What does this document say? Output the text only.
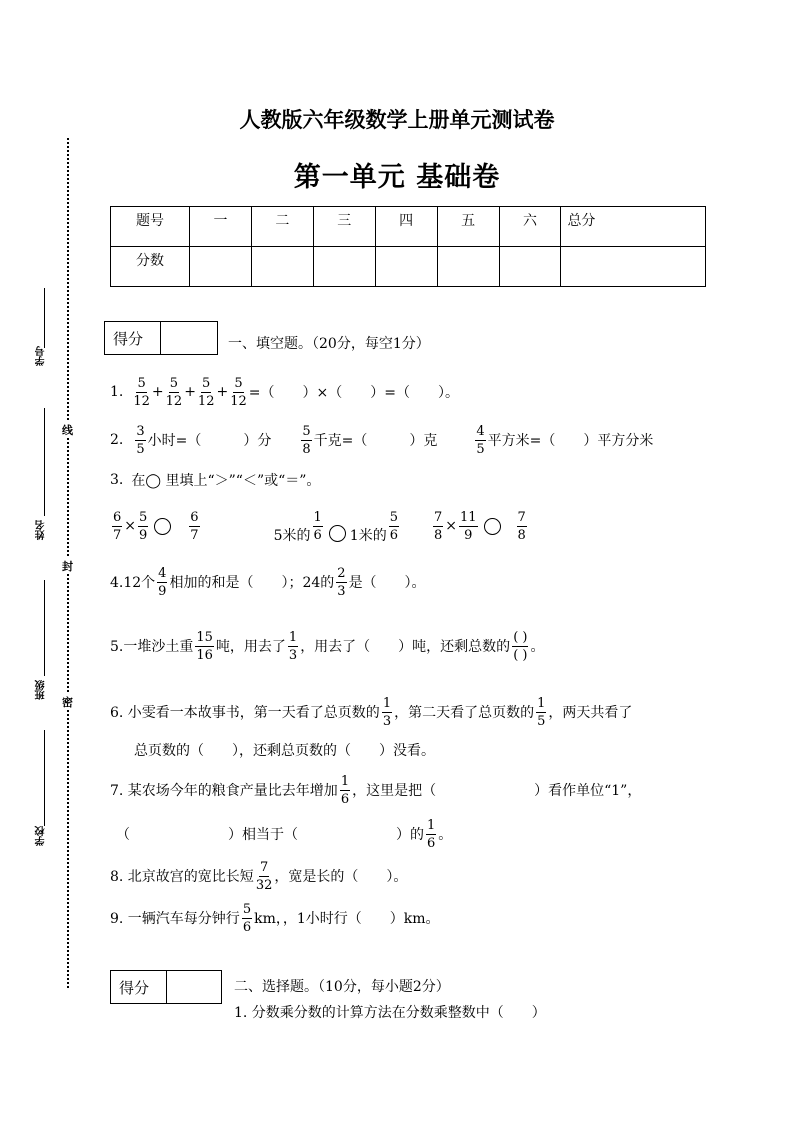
学号
姓名
班级
学校
线
封
密
人教版六年级数学上册单元测试卷
第一单元 基础卷
题号	一	二	三	四	五	六	总分
分数							
得分	一、填空题。（20分，每空1分）
1. $\frac{5}{12} + \frac{5}{12} + \frac{5}{12} + \frac{5}{12}$ =（　　）×（　　）=（　　）。
2. $\frac{3}{5}$ 小时=（　　　）分 $\frac{5}{8}$ 千克=（　　　）克	$\frac{4}{5}$ 平方米=（　　）平方分米
3. 在◯ 里填上“＞”“＜”或“＝”。
$\frac{6}{7} \times \frac{5}{9}$	$\frac{6}{7}$	5米的 $\frac{1}{6} 1$米的 $\frac{5}{6}$	$\frac{7}{8} \times \frac{11}{9}$	$\frac{7}{8}$
4.12个 $\frac{4}{9}$ 相加的和是（　　）；24的 $\frac{2}{3}$ 是（　　）。
5.一堆沙土重 $\frac{15}{16}$ 吨，用去了 $\frac{1}{3}$ ，用去了（　　）吨，还剩总数的 $\frac{( )}{( )}$ 。
6. 小雯看一本故事书，第一天看了总页数的 $\frac{1}{3}$ ，第二天看了总页数的 $\frac{1}{5}$ ，两天共看了
总页数的（　　），还剩总页数的（　　）没看。
7. 某农场今年的粮食产量比去年增加 $\frac{1}{6}$ ，这里是把（　　　　　　　）看作单位“1”，
（　　　　　　　）相当于（　　　　　　　）的 $\frac{1}{6}$ 。
8. 北京故宫的宽比长短 $\frac{7}{32}$ ，宽是长的（　　）。
9. 一辆汽车每分钟行 $\frac{5}{6}$ km，，1小时行（　　）km。
得分	二、选择题。（10分，每小题2分）
1. 分数乘分数的计算方法在分数乘整数中（　　）
